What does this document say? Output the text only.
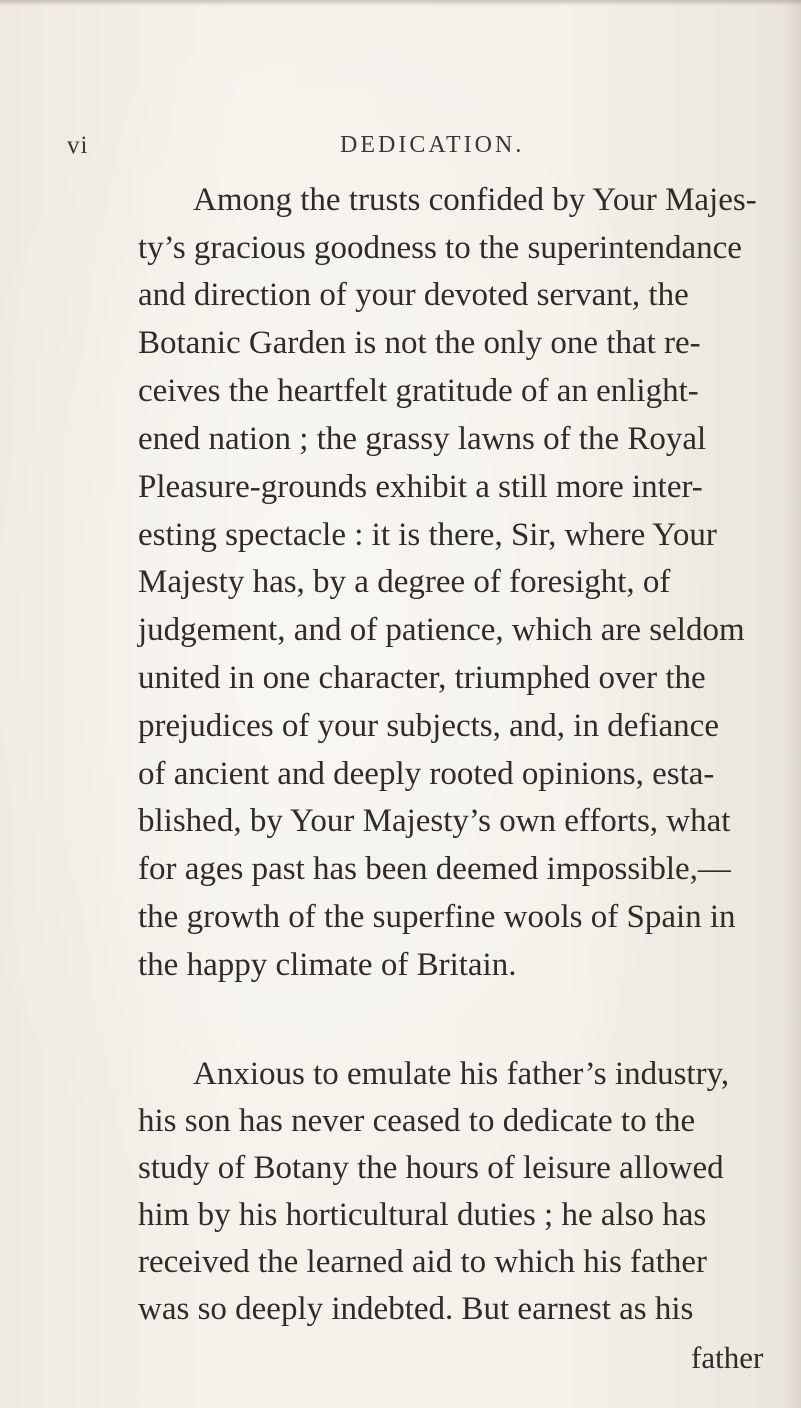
vi	DEDICATION.
Among the trusts confided by Your Majes-
ty’s gracious goodness to the superintendance
and direction of your devoted servant, the
Botanic Garden is not the only one that re-
ceives the heartfelt gratitude of an enlight-
ened nation ; the grassy lawns of the Royal
Pleasure-grounds exhibit a still more inter-
esting spectacle : it is there, Sir, where Your
Majesty has, by a degree of foresight, of
judgement, and of patience, which are seldom
united in one character, triumphed over the
prejudices of your subjects, and, in defiance
of ancient and deeply rooted opinions, esta-
blished, by Your Majesty’s own efforts, what
for ages past has been deemed impossible,—
the growth of the superfine wools of Spain in
the happy climate of Britain.
Anxious to emulate his father’s industry,
his son has never ceased to dedicate to the
study of Botany the hours of leisure allowed
him by his horticultural duties ; he also has
received the learned aid to which his father
was so deeply indebted. But earnest as his
father
